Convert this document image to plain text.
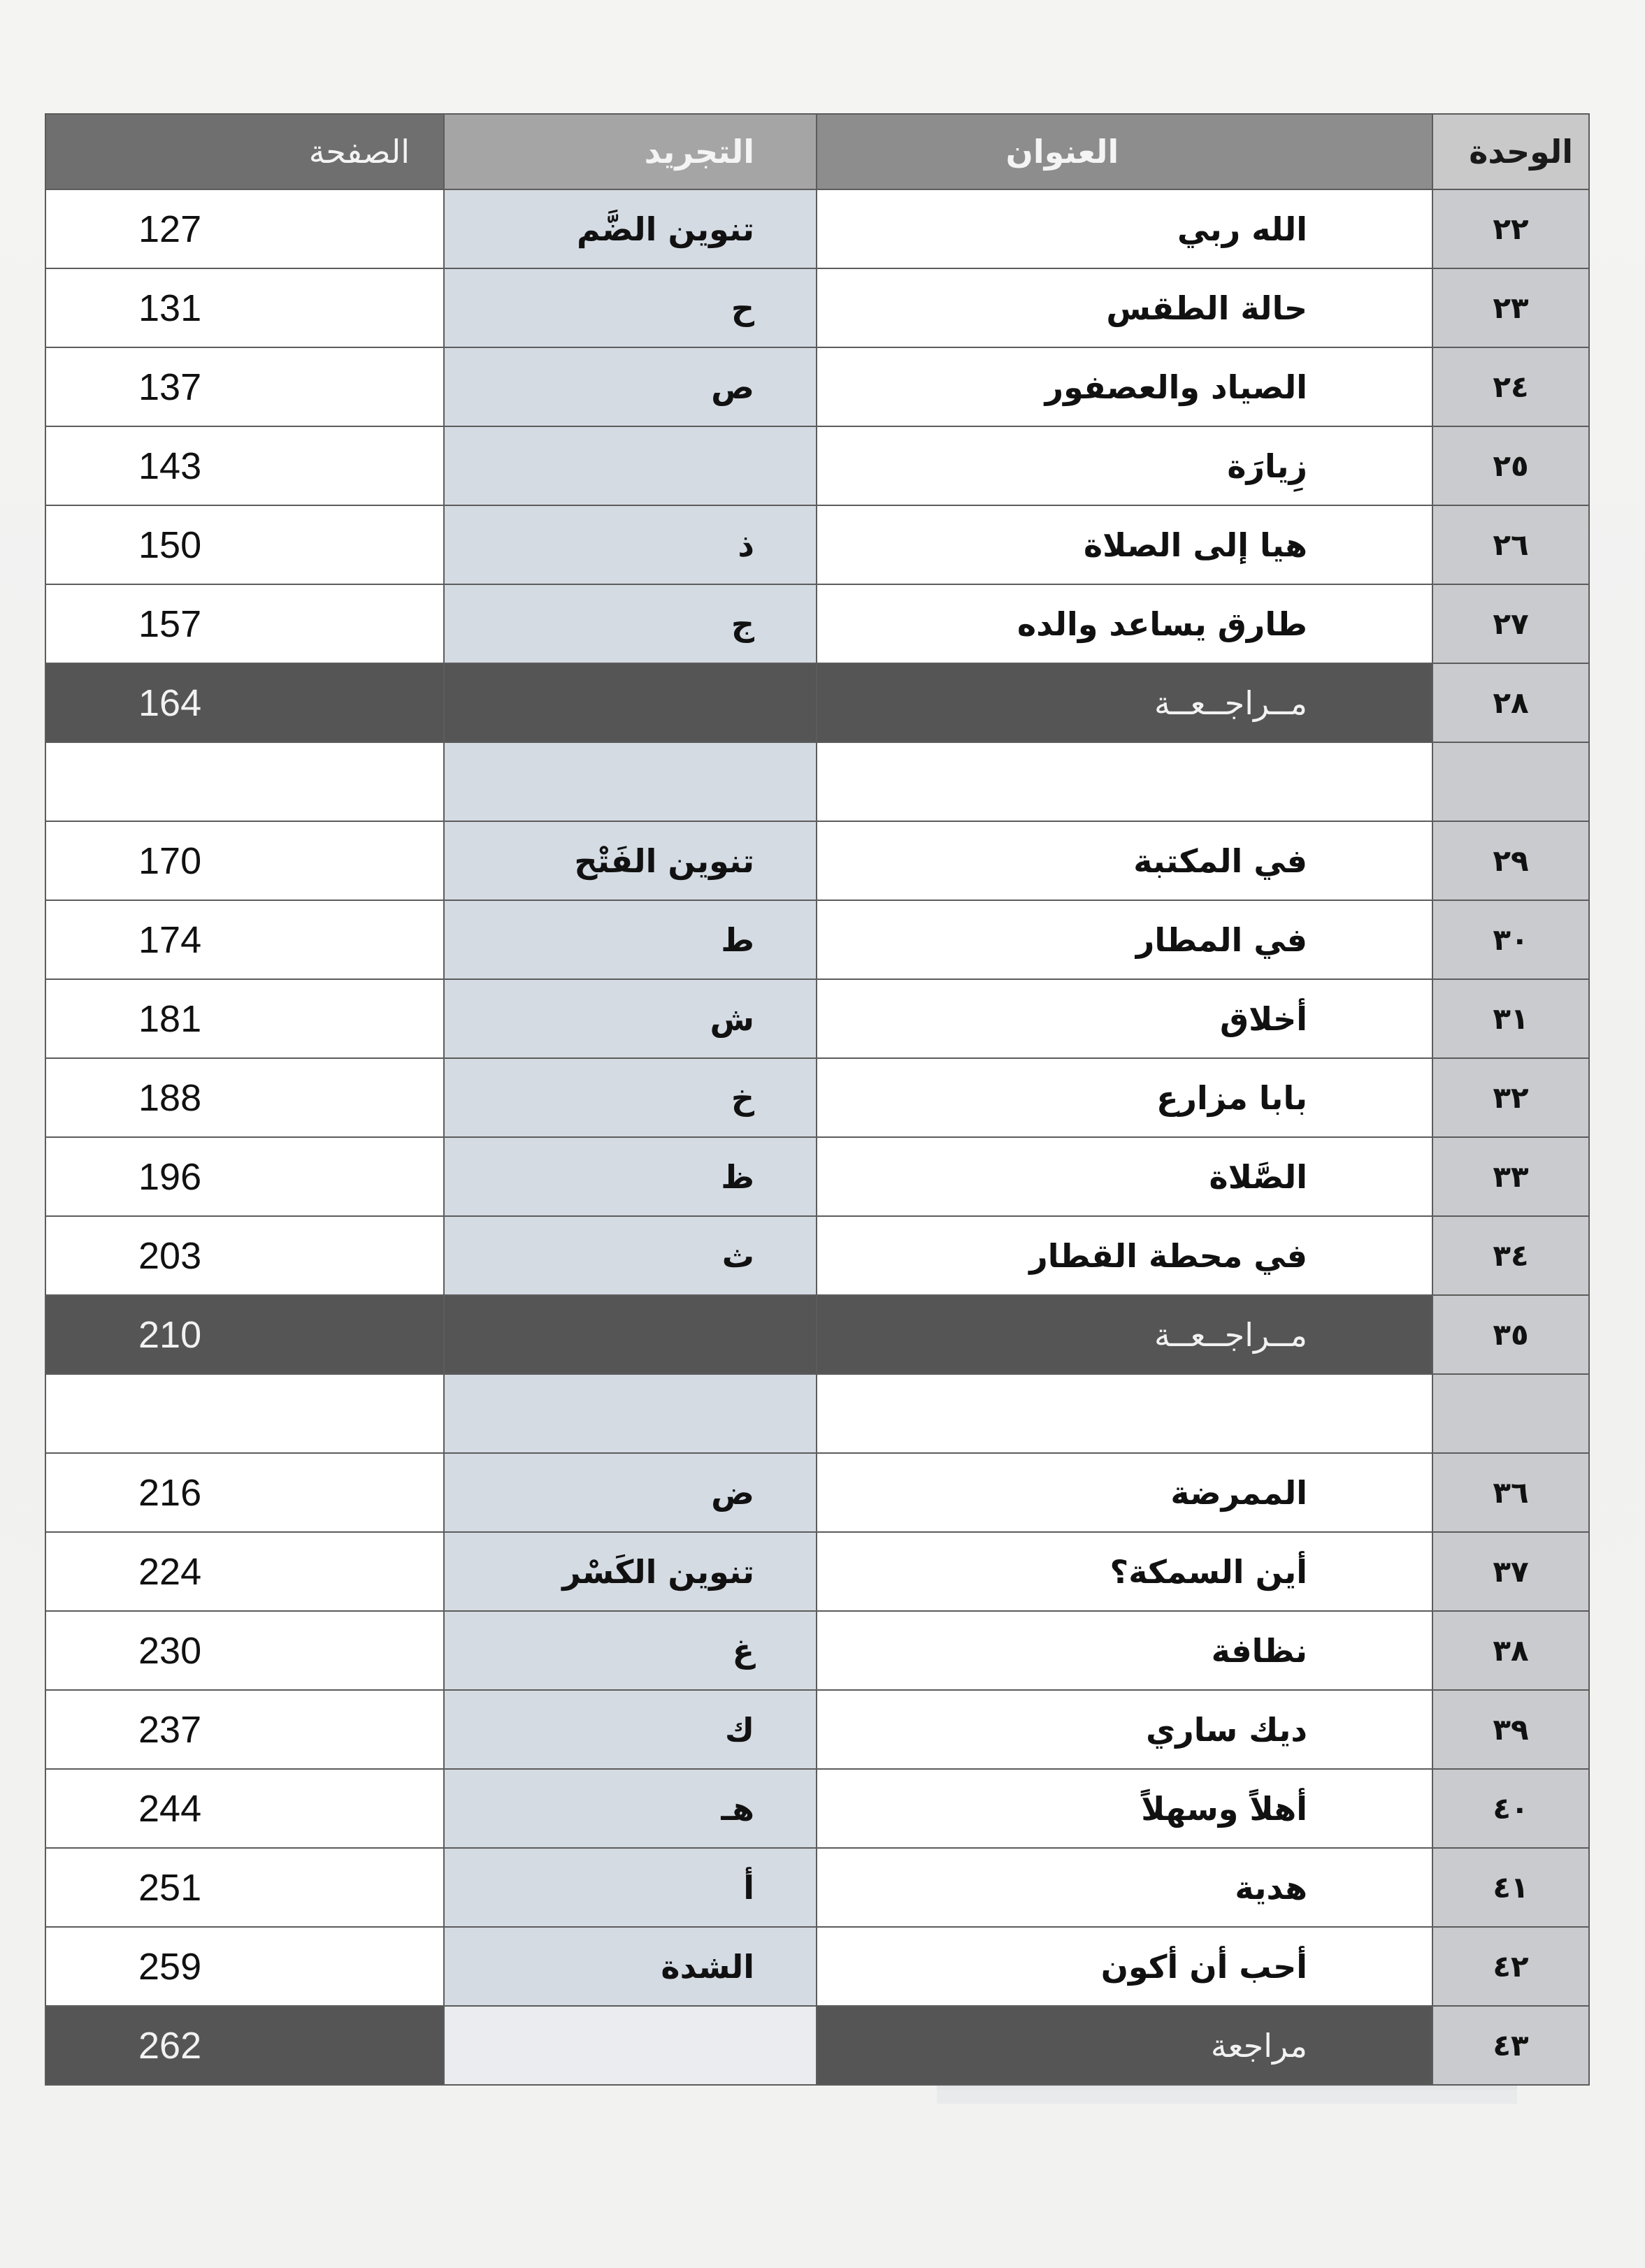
الصفحة	التجريد	العنوان	الوحدة
127	تنوين الضَّم	الله ربي	٢٢
131	ح	حالة الطقس	٢٣
137	ص	الصياد والعصفور	٢٤
143		زِيارَة	٢٥
150	ذ	هيا إلى الصلاة	٢٦
157	ج	طارق يساعد والده	٢٧
164		مــراجــعــة	٢٨

170	تنوين الفَتْح	في المكتبة	٢٩
174	ط	في المطار	٣٠
181	ش	أخلاق	٣١
188	خ	بابا مزارع	٣٢
196	ظ	الصَّلاة	٣٣
203	ث	في محطة القطار	٣٤
210		مــراجــعــة	٣٥

216	ض	الممرضة	٣٦
224	تنوين الكَسْر	أين السمكة؟	٣٧
230	غ	نظافة	٣٨
237	ك	ديك ساري	٣٩
244	هـ	أهلاً وسهلاً	٤٠
251	أ	هدية	٤١
259	الشدة	أحب أن أكون	٤٢
262		مراجعة	٤٣
